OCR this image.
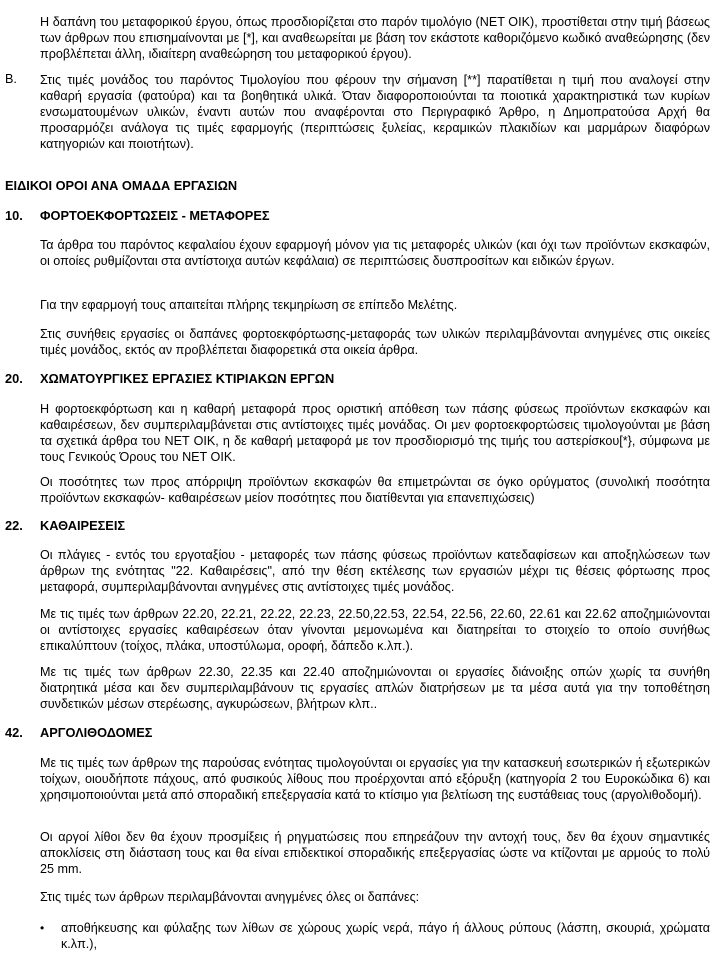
Η δαπάνη του μεταφορικού έργου, όπως προσδιορίζεται στο παρόν τιμολόγιο (ΝΕΤ ΟΙΚ), προστίθεται στην τιμή βάσεως των άρθρων που επισημαίνονται με [*], και αναθεωρείται με βάση τον εκάστοτε καθοριζόμενο κωδικό αναθεώρησης (δεν προβλέπεται άλλη, ιδιαίτερη αναθεώρηση του μεταφορικού έργου).

Β.	Στις τιμές μονάδος του παρόντος Τιμολογίου που φέρουν την σήμανση [**] παρατίθεται η τιμή που αναλογεί στην καθαρή εργασία (φατούρα) και τα βοηθητικά υλικά. Όταν διαφοροποιούνται τα ποιοτικά χαρακτηριστικά των κυρίων ενσωματουμένων υλικών, έναντι αυτών που αναφέρονται στο Περιγραφικό Άρθρο, η Δημοπρατούσα Αρχή θα προσαρμόζει ανάλογα τις τιμές εφαρμογής (περιπτώσεις ξυλείας, κεραμικών πλακιδίων και μαρμάρων διαφόρων κατηγοριών και ποιοτήτων).
ΕΙΔΙΚΟΙ ΟΡΟΙ ΑΝΑ ΟΜΑΔΑ ΕΡΓΑΣΙΩΝ
10. ΦΟΡΤΟΕΚΦΟΡΤΩΣΕΙΣ - ΜΕΤΑΦΟΡΕΣ

Τα άρθρα του παρόντος κεφαλαίου έχουν εφαρμογή μόνον για τις μεταφορές υλικών (και όχι των προϊόντων εκσκαφών, οι οποίες ρυθμίζονται στα αντίστοιχα αυτών κεφάλαια) σε περιπτώσεις δυσπροσίτων και ειδικών έργων.

Για την εφαρμογή τους απαιτείται πλήρης τεκμηρίωση σε επίπεδο Μελέτης.

Στις συνήθεις εργασίες οι δαπάνες φορτοεκφόρτωσης-μεταφοράς των υλικών περιλαμβάνονται ανηγμένες στις οικείες τιμές μονάδος, εκτός αν προβλέπεται διαφορετικά στα οικεία άρθρα.

20. ΧΩΜΑΤΟΥΡΓΙΚΕΣ ΕΡΓΑΣΙΕΣ ΚΤΙΡΙΑΚΩΝ ΕΡΓΩΝ

Η φορτοεκφόρτωση και η καθαρή μεταφορά προς οριστική απόθεση των πάσης φύσεως προϊόντων εκσκαφών και καθαιρέσεων, δεν συμπεριλαμβάνεται στις αντίστοιχες τιμές μονάδας. Οι μεν φορτοεκφορτώσεις τιμολογούνται με βάση τα σχετικά άρθρα του ΝΕΤ ΟΙΚ, η δε καθαρή μεταφορά με τον προσδιορισμό της τιμής του αστερίσκου[*}, σύμφωνα με τους Γενικούς Όρους του ΝΕΤ ΟΙΚ.

Οι ποσότητες των προς απόρριψη προϊόντων εκσκαφών θα επιμετρώνται σε όγκο ορύγματος (συνολική ποσότητα προϊόντων εκσκαφών- καθαιρέσεων μείον ποσότητες που διατίθενται για επανεπιχώσεις)

22. ΚΑΘΑΙΡΕΣΕΙΣ

Οι πλάγιες - εντός του εργοταξίου - μεταφορές των πάσης φύσεως προϊόντων κατεδαφίσεων και αποξηλώσεων των άρθρων της ενότητας "22. Καθαιρέσεις", από την θέση εκτέλεσης των εργασιών μέχρι τις θέσεις φόρτωσης προς μεταφορά, συμπεριλαμβάνονται ανηγμένες στις αντίστοιχες τιμές μονάδος.

Με τις τιμές των άρθρων 22.20, 22.21, 22.22, 22.23, 22.50,22.53, 22.54, 22.56, 22.60, 22.61 και 22.62 αποζημιώνονται οι αντίστοιχες εργασίες καθαιρέσεων όταν γίνονται μεμονωμένα και διατηρείται το στοιχείο το οποίο συνήθως επικαλύπτουν (τοίχος, πλάκα, υποστύλωμα, οροφή, δάπεδο κ.λπ.).

Με τις τιμές των άρθρων 22.30, 22.35 και 22.40 αποζημιώνονται οι εργασίες διάνοιξης οπών χωρίς τα συνήθη διατρητικά μέσα και δεν συμπεριλαμβάνουν τις εργασίες απλών διατρήσεων με τα μέσα αυτά για την τοποθέτηση συνδετικών μέσων στερέωσης, αγκυρώσεων, βλήτρων κλπ..

42. ΑΡΓΟΛΙΘΟΔΟΜΕΣ

Με τις τιμές των άρθρων της παρούσας ενότητας τιμολογούνται οι εργασίες για την κατασκευή εσωτερικών ή εξωτερικών τοίχων, οιουδήποτε πάχους, από φυσικούς λίθους που προέρχονται από εξόρυξη (κατηγορία 2 του Ευροκώδικα 6) και χρησιμοποιούνται μετά από σποραδική επεξεργασία κατά το κτίσιμο για βελτίωση της ευστάθειας τους (αργολιθοδομή).

Οι αργοί λίθοι δεν θα έχουν προσμίξεις ή ρηγματώσεις που επηρεάζουν την αντοχή τους, δεν θα έχουν σημαντικές αποκλίσεις στη διάσταση τους και θα είναι επιδεκτικοί σποραδικής επεξεργασίας ώστε να κτίζονται με αρμούς το πολύ 25 mm.

Στις τιμές των άρθρων περιλαμβάνονται ανηγμένες όλες οι δαπάνες:

• αποθήκευσης και φύλαξης των λίθων σε χώρους χωρίς νερά, πάγο ή άλλους ρύπους (λάσπη, σκουριά, χρώματα κ.λπ.),
